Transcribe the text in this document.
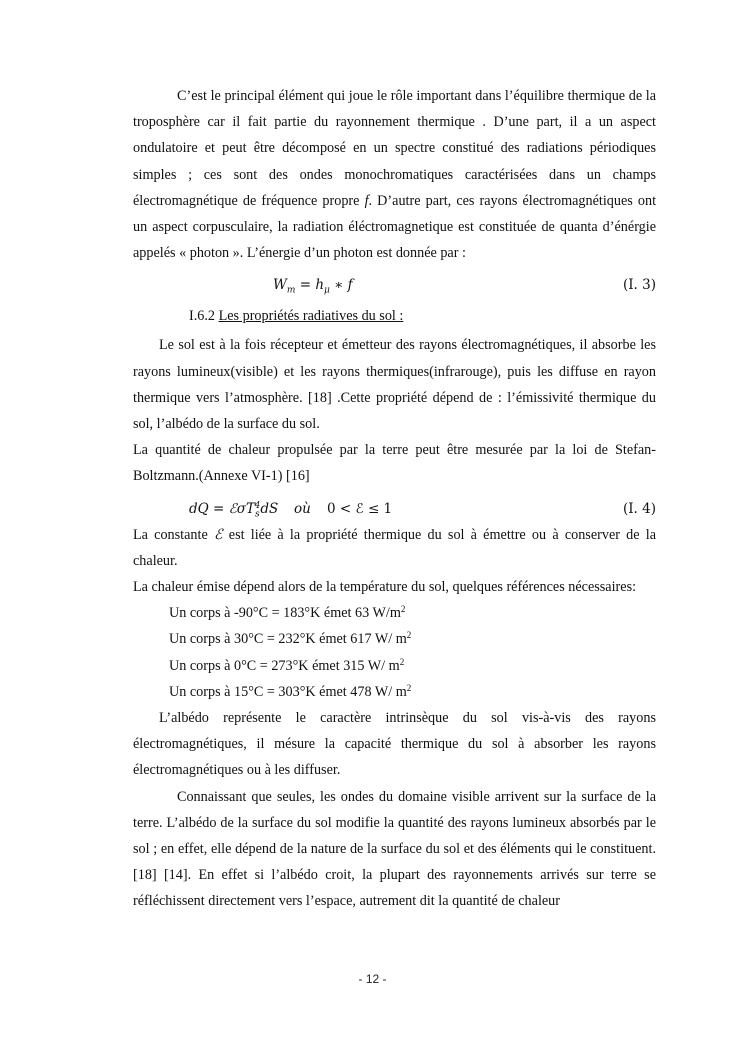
C’est le principal élément qui joue le rôle important dans l’équilibre thermique de la troposphère car il fait partie du rayonnement thermique . D’une part, il a un aspect ondulatoire et peut être décomposé en un spectre constitué des radiations périodiques simples ; ces sont des ondes monochromatiques caractérisées dans un champs électromagnétique de fréquence propre f. D’autre part, ces rayons électromagnétiques ont un aspect corpusculaire, la radiation éléctromagnetique est constituée de quanta d’énérgie appelés « photon ». L’énergie d’un photon est donnée par :

$W_m = h_\mu$ ∗ f	(I. 3)
I.6.2 Les propriétés radiatives du sol :

Le sol est à la fois récepteur et émetteur des rayons électromagnétiques, il absorbe les rayons lumineux(visible) et les rayons thermiques(infrarouge), puis les diffuse en rayon thermique vers l’atmosphère. [18] .Cette propriété dépend de : l’émissivité thermique du sol, l’albédo de la surface du sol.

La quantité de chaleur propulsée par la terre peut être mesurée par la loi de Stefan-Boltzmann.(Annexe VI-1) [16]

dQ = ℰσT$_s^4$dS où 0 < ℰ ≤ 1	(I. 4)

La constante ℰ est liée à la propriété thermique du sol à émettre ou à conserver de la chaleur.

La chaleur émise dépend alors de la température du sol, quelques références nécessaires:

Un corps à -90°C = 183°K émet 63 $W/m^2$
Un corps à 30°C = 232°K émet 617 W/ $m^2$
Un corps à 0°C = 273°K émet 315 W/ $m^2$
Un corps à 15°C = 303°K émet 478 W/ $m^2$

L’albédo représente le caractère intrinsèque du sol vis-à-vis des rayons électromagnétiques, il mésure la capacité thermique du sol à absorber les rayons électromagnétiques ou à les diffuser.

Connaissant que seules, les ondes du domaine visible arrivent sur la surface de la terre. L’albédo de la surface du sol modifie la quantité des rayons lumineux absorbés par le sol ; en effet, elle dépend de la nature de la surface du sol et des éléments qui le constituent. [18] [14]. En effet si l’albédo croit, la plupart des rayonnements arrivés sur terre se réfléchissent directement vers l’espace, autrement dit la quantité de chaleur

- 12 -
